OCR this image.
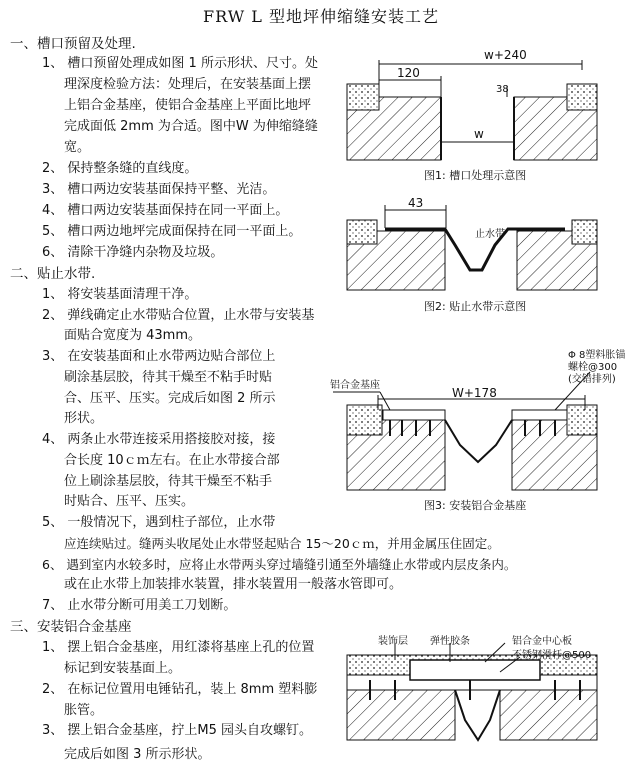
FRW L 型地坪伸缩缝安装工艺
一、槽口预留及处理.
1、 槽口预留处理成如图 1 所示形状、尺寸。处
理深度检验方法：处理后，在安装基面上摆
上铝合金基座，使铝合金基座上平面比地坪
完成面低 2mm 为合适。图中W 为伸缩缝缝
宽。
2、 保持整条缝的直线度。
3、 槽口两边安装基面保持平整、光洁。
4、 槽口两边安装基面保持在同一平面上。
5、 槽口两边地坪完成面保持在同一平面上。
6、 清除干净缝内杂物及垃圾。
二、贴止水带.
1、 将安装基面清理干净。
2、 弹线确定止水带贴合位置，止水带与安装基
面贴合宽度为 43mm。
3、 在安装基面和止水带两边贴合部位上
刷涂基层胶，待其干燥至不粘手时贴
合、压平、压实。完成后如图 2 所示
形状。
4、 两条止水带连接采用搭接胶对接，接
合长度 10ｃｍ左右。在止水带接合部
位上刷涂基层胶，待其干燥至不粘手
时贴合、压平、压实。
5、 一般情况下，遇到柱子部位，止水带
应连续贴过。缝两头收尾处止水带竖起贴合 15～20ｃｍ，并用金属压住固定。
6、 遇到室内水较多时，应将止水带两头穿过墙缝引通至外墙缝止水带或内层皮条内。
或在止水带上加装排水装置，排水装置用一般落水管即可。
7、 止水带分断可用美工刀划断。
三、安装铝合金基座
1、 摆上铝合金基座，用红漆将基座上孔的位置
标记到安装基面上。
2、 在标记位置用电锤钻孔，装上 8mm 塑料膨
胀管。
3、 摆上铝合金基座，拧上M5 园头自攻螺钉。
完成后如图 3 所示形状。
w+240
120
38
w
图1: 槽口处理示意图
43
止水带
图2: 贴止水带示意图
Φ 8塑料胀锚
螺栓@300
(交错排列)
铝合金基座
W+178
图3: 安装铝合金基座
装饰层 弹性胶条	铝合金中心板
不锈钢滑杆@500
